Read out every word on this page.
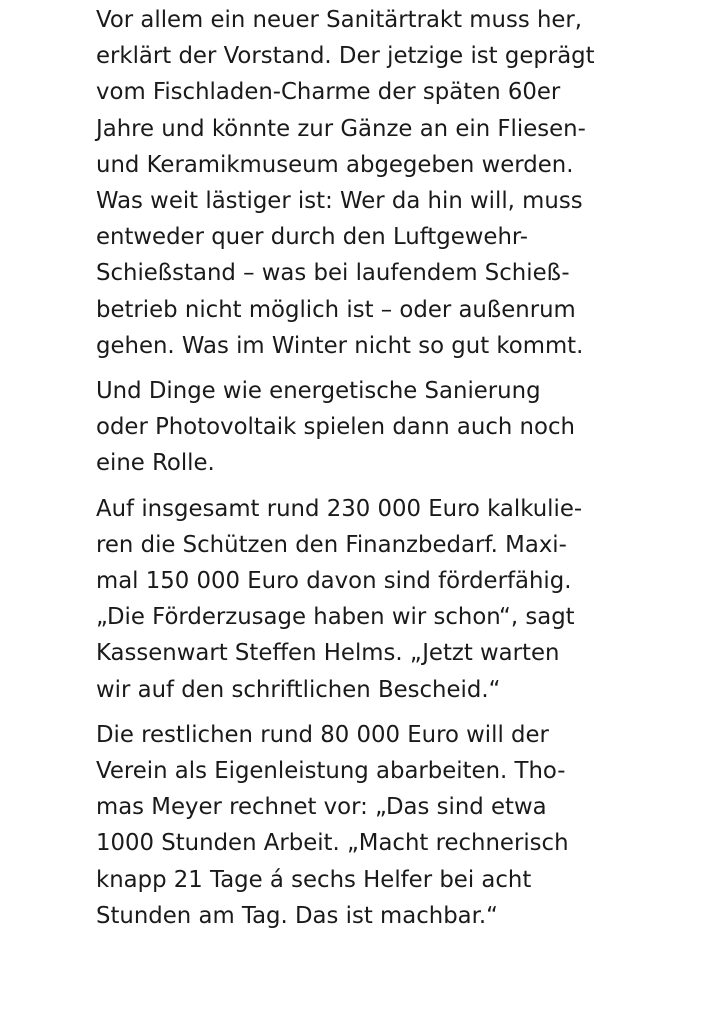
Vor allem ein neuer Sanitärtrakt muss her,
erklärt der Vorstand. Der jetzige ist geprägt
vom Fischladen-Charme der späten 60er
Jahre und könnte zur Gänze an ein Fliesen-
und Keramikmuseum abgegeben werden.
Was weit lästiger ist: Wer da hin will, muss
entweder quer durch den Luftgewehr-
Schießstand – was bei laufendem Schieß-
betrieb nicht möglich ist – oder außenrum
gehen. Was im Winter nicht so gut kommt.

Und Dinge wie energetische Sanierung
oder Photovoltaik spielen dann auch noch
eine Rolle.

Auf insgesamt rund 230 000 Euro kalkulie-
ren die Schützen den Finanzbedarf. Maxi-
mal 150 000 Euro davon sind förderfähig.
„Die Förderzusage haben wir schon“, sagt
Kassenwart Steffen Helms. „Jetzt warten
wir auf den schriftlichen Bescheid.“

Die restlichen rund 80 000 Euro will der
Verein als Eigenleistung abarbeiten. Tho-
mas Meyer rechnet vor: „Das sind etwa
1000 Stunden Arbeit. „Macht rechnerisch
knapp 21 Tage á sechs Helfer bei acht
Stunden am Tag. Das ist machbar.“
